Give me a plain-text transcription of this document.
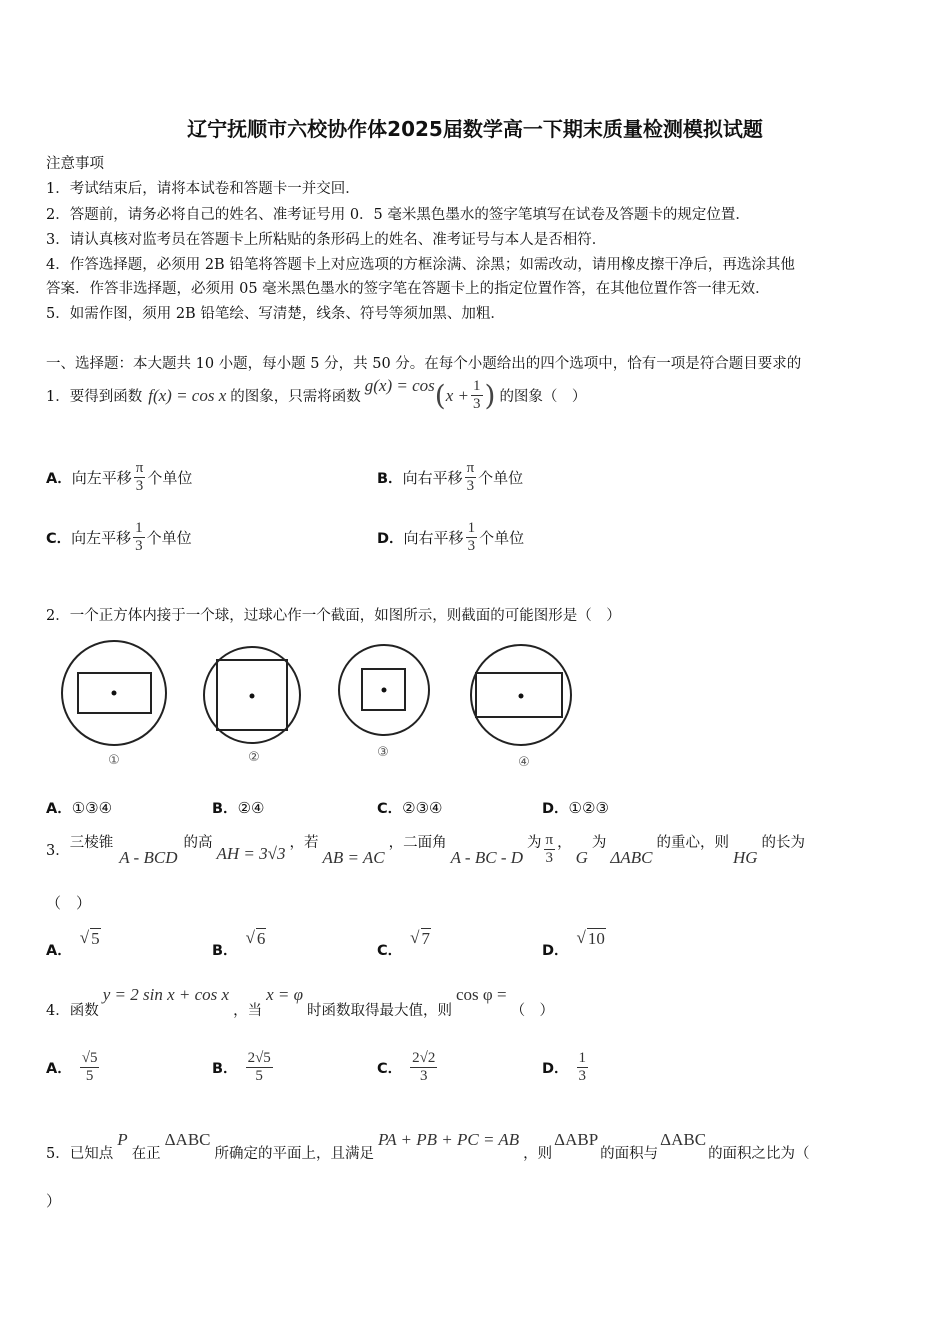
辽宁抚顺市六校协作体2025届数学高一下期末质量检测模拟试题
注意事项
1．考试结束后，请将本试卷和答题卡一并交回．
2．答题前，请务必将自己的姓名、准考证号用 0．5 毫米黑色墨水的签字笔填写在试卷及答题卡的规定位置．
3．请认真核对监考员在答题卡上所粘贴的条形码上的姓名、准考证号与本人是否相符．
4．作答选择题，必须用 2B 铅笔将答题卡上对应选项的方框涂满、涂黑；如需改动，请用橡皮擦干净后，再选涂其他
答案．作答非选择题，必须用 05 毫米黑色墨水的签字笔在答题卡上的指定位置作答，在其他位置作答一律无效．
5．如需作图，须用 2B 铅笔绘、写清楚，线条、符号等须加黑、加粗．
一、选择题：本大题共 10 小题，每小题 5 分，共 50 分。在每个小题给出的四个选项中，恰有一项是符合题目要求的
1． 要得到函数 f (x) = cos x 的图象，只需将函数
g(x) = cos ( $x + \frac{1}{3}$ ) 的图象（　）
A． 向左平移 $\frac{\pi}{3}$ 个单位	B． 向右平移 $\frac{\pi}{3}$ 个单位
C． 向左平移 $\frac{1}{3}$ 个单位	D． 向右平移 $\frac{1}{3}$ 个单位
2．一个正方体内接于一个球，过球心作一个截面，如图所示，则截面的可能图形是（　）
①	②	③
④
A．①③④	B．②④	C．②③④	D．①②③
3． 三棱锥
A - BCD
的高
AH = 3√3
，若
AB = AC
，二面角
A - BC - D
为 $\frac{\pi}{3}$ ，
G
为
ΔABC
的重心，则
HG
的长为
（　）
A．
√ 5
B．
√ 6
C．
√ 7
D．
√ 10
4． 函数
y = 2 sin x + cos x
，当
x = φ
时函数取得最大值，则
cos φ =
（　）
A． $\frac{√5}{5}$	B． $\frac{2√5}{5}$	C． $\frac{2√2}{3}$	D． $\frac{1}{3}$
5． 已知点
P
在正
ΔABC
所确定的平面上，且满足
PA + PB + PC = AB
，则
ΔABP
的面积与
ΔABC
的面积之比为（
）
